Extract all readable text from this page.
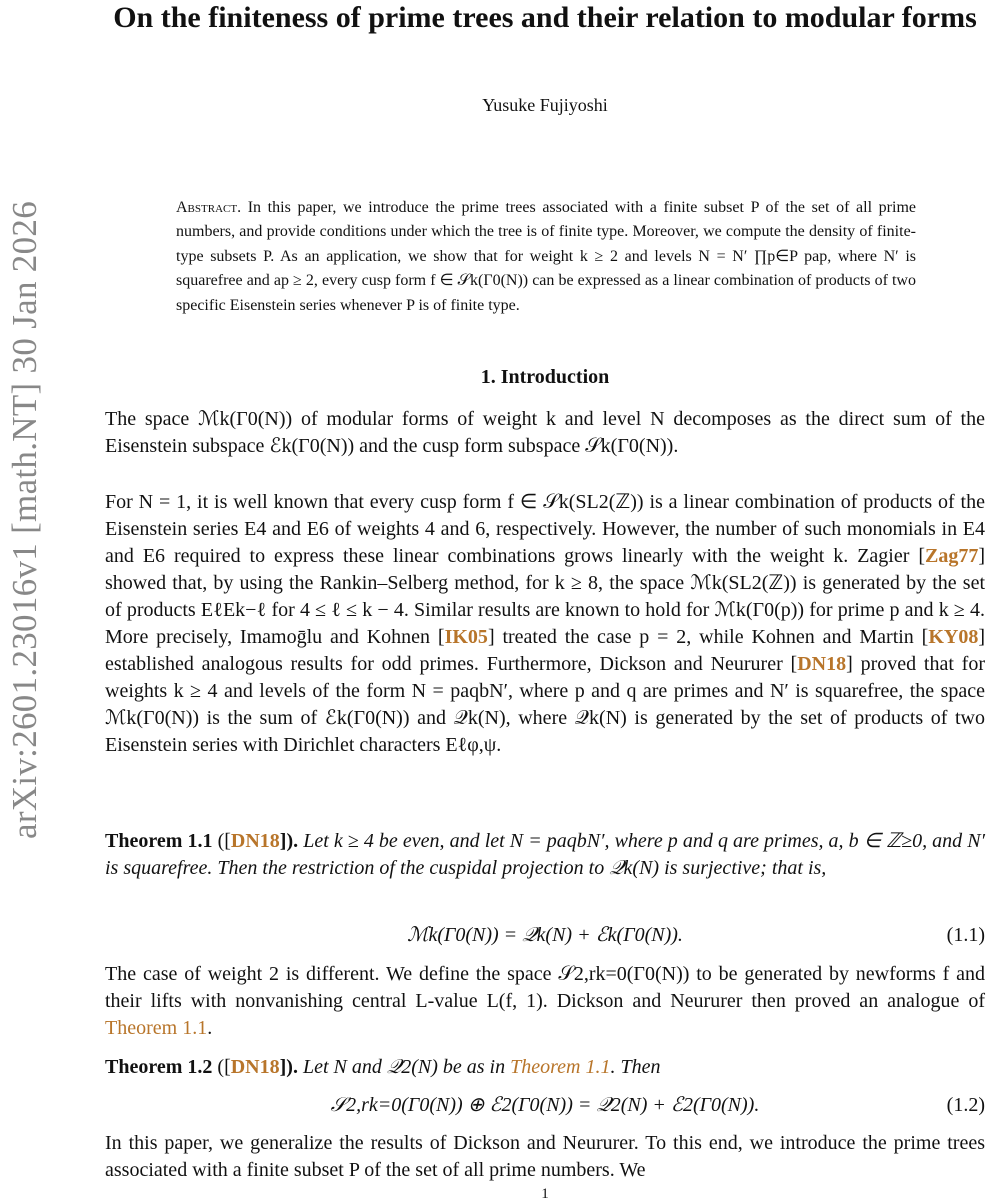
arXiv:2601.23016v1 [math.NT] 30 Jan 2026
On the finiteness of prime trees and their relation to modular forms
Yusuke Fujiyoshi
Abstract. In this paper, we introduce the prime trees associated with a finite subset P of the set of all prime numbers, and provide conditions under which the tree is of finite type. Moreover, we compute the density of finite-type subsets P. As an application, we show that for weight k ≥ 2 and levels N = N′ ∏p∈P pap, where N′ is squarefree and ap ≥ 2, every cusp form f ∈ 𝒮k(Γ0(N)) can be expressed as a linear combination of products of two specific Eisenstein series whenever P is of finite type.
1. Introduction

The space ℳk(Γ0(N)) of modular forms of weight k and level N decomposes as the direct sum of the Eisenstein subspace ℰk(Γ0(N)) and the cusp form subspace 𝒮k(Γ0(N)).

For N = 1, it is well known that every cusp form f ∈ 𝒮k(SL2(ℤ)) is a linear combination of products of the Eisenstein series E4 and E6 of weights 4 and 6, respectively. However, the number of such monomials in E4 and E6 required to express these linear combinations grows linearly with the weight k. Zagier [Zag77] showed that, by using the Rankin–Selberg method, for k ≥ 8, the space ℳk(SL2(ℤ)) is generated by the set of products EℓEk−ℓ for 4 ≤ ℓ ≤ k − 4. Similar results are known to hold for ℳk(Γ0(p)) for prime p and k ≥ 4. More precisely, Imamoḡlu and Kohnen [IK05] treated the case p = 2, while Kohnen and Martin [KY08] established analogous results for odd primes. Furthermore, Dickson and Neururer [DN18] proved that for weights k ≥ 4 and levels of the form N = paqbN′, where p and q are primes and N′ is squarefree, the space ℳk(Γ0(N)) is the sum of ℰk(Γ0(N)) and 𝒬k(N), where 𝒬k(N) is generated by the set of products of two Eisenstein series with Dirichlet characters Eℓφ,ψ.

Theorem 1.1 ([DN18]). Let k ≥ 4 be even, and let N = paqbN′, where p and q are primes, a, b ∈ ℤ≥0, and N′ is squarefree. Then the restriction of the cuspidal projection to 𝒬k(N) is surjective; that is,

ℳk(Γ0(N)) = 𝒬k(N) + ℰk(Γ0(N)).	(1.1)

The case of weight 2 is different. We define the space 𝒮2,rk=0(Γ0(N)) to be generated by newforms f and their lifts with nonvanishing central L-value L(f, 1). Dickson and Neururer then proved an analogue of Theorem 1.1.

Theorem 1.2 ([DN18]). Let N and 𝒬2(N) be as in Theorem 1.1. Then

𝒮2,rk=0(Γ0(N)) ⊕ ℰ2(Γ0(N)) = 𝒬2(N) + ℰ2(Γ0(N)).	(1.2)

In this paper, we generalize the results of Dickson and Neururer. To this end, we introduce the prime trees associated with a finite subset P of the set of all prime numbers. We

1
